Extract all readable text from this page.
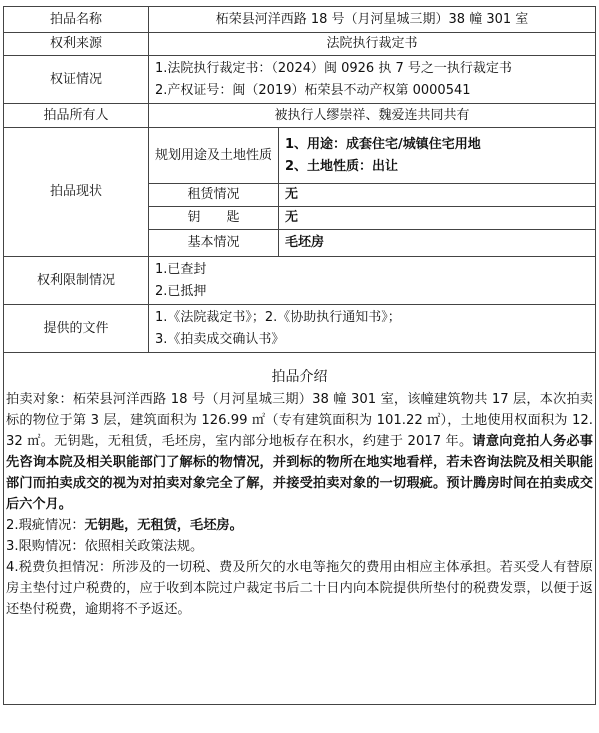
拍品名称	柘荣县河洋西路 18 号（月河星城三期）38 幢 301 室	
权利来源	法院执行裁定书	
权证情况	1.法院执行裁定书：（2024）闽 0926 执 7 号之一执行裁定书
2.产权证号：闽（2019）柘荣县不动产权第 0000541	

拍品所有人	被执行人缪崇祥、魏爱连共同共有	
拍品现状	规划用途及土地性质	1、用途：成套住宅/城镇住宅用地
2、土地性质：出让

	租赁情况	无
	钥　　匙	无
	基本情况	毛坯房
权利限制情况	1.已查封
2.已抵押	

提供的文件	1.《法院裁定书》；2.《协助执行通知书》；
3.《拍卖成交确认书》	

拍品介绍

拍卖对象：柘荣县河洋西路 18 号（月河星城三期）38 幢 301 室，该幢建筑物共 17 层，本次拍卖标的物位于第 3 层，建筑面积为 126.99 ㎡（专有建筑面积为 101.22 ㎡），土地使用权面积为 12.32 ㎡。无钥匙，无租赁，毛坯房，室内部分地板存在积水，约建于 2017 年。请意向竞拍人务必事先咨询本院及相关职能部门了解标的物情况，并到标的物所在地实地看样，若未咨询法院及相关职能部门而拍卖成交的视为对拍卖对象完全了解，并接受拍卖对象的一切瑕疵。预计腾房时间在拍卖成交后六个月。

2.瑕疵情况：无钥匙，无租赁，毛坯房。

3.限购情况：依照相关政策法规。

4.税费负担情况：所涉及的一切税、费及所欠的水电等拖欠的费用由相应主体承担。若买受人有替原房主垫付过户税费的，应于收到本院过户裁定书后二十日内向本院提供所垫付的税费发票，以便于返还垫付税费，逾期将不予返还。		
